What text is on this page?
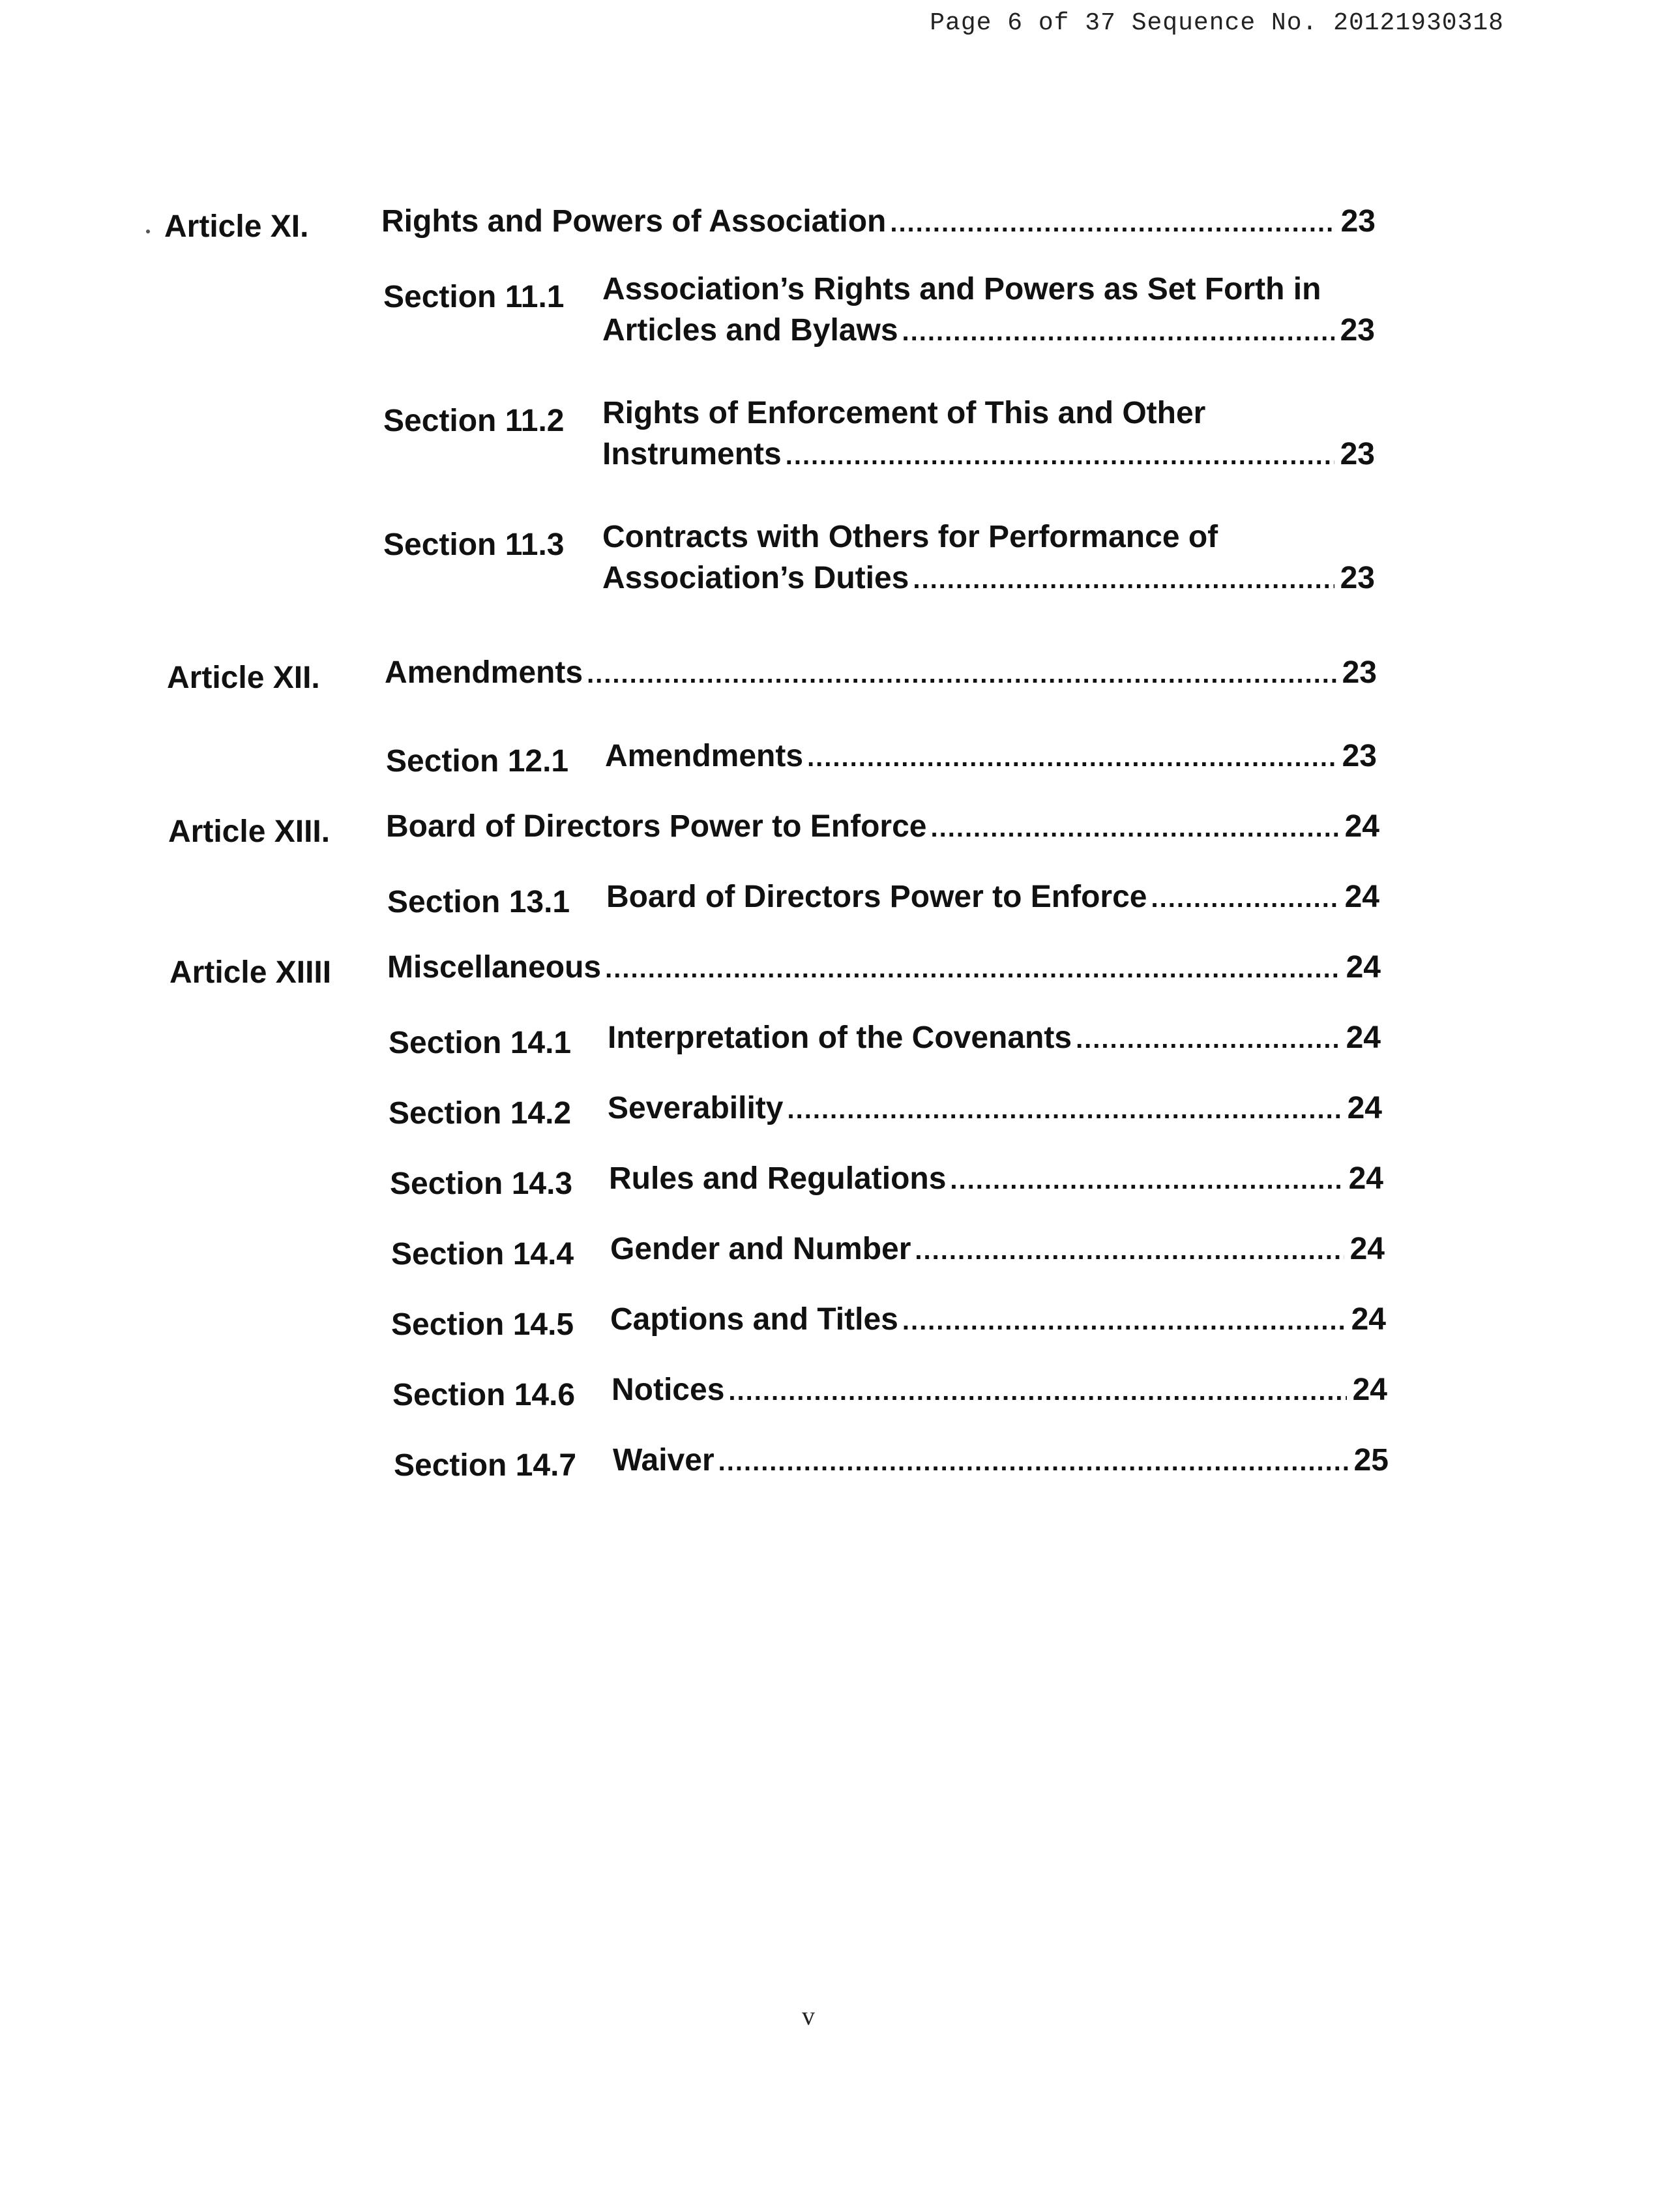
Page 6 of 37 Sequence No. 20121930318
Article XI. Rights and Powers of Association .....	23
Section 11.1 Association’s Rights and Powers as Set Forth in
Articles and Bylaws .....	23
Section 11.2 Rights of Enforcement of This and Other
Instruments .....	23
Section 11.3 Contracts with Others for Performance of
Association’s Duties .....	23
Article XII. Amendments .....	23
Section 12.1 Amendments .....	23
Article XIII. Board of Directors Power to Enforce .....	24
Section 13.1 Board of Directors Power to Enforce .....	24
Article XIIII Miscellaneous .....	24
Section 14.1 Interpretation of the Covenants .....	24
Section 14.2 Severability .....	24
Section 14.3 Rules and Regulations .....	24
Section 14.4 Gender and Number .....	24
Section 14.5 Captions and Titles .....	24
Section 14.6 Notices .....	24
Section 14.7 Waiver .....	25
v
